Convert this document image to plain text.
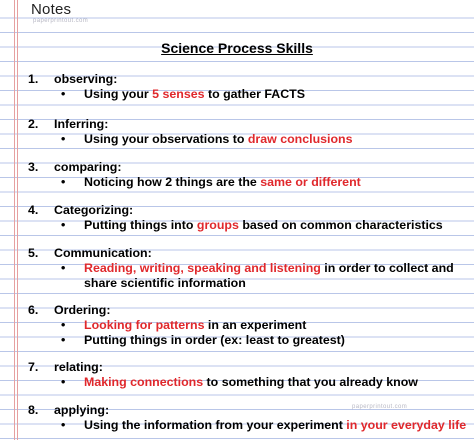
Notes
paperprintout.com
Science Process Skills
1. observing:
• Using your 5 senses to gather FACTS
2. Inferring:
• Using your observations to draw conclusions
3. comparing:
• Noticing how 2 things are the same or different
4. Categorizing:
• Putting things into groups based on common characteristics
5. Communication:
• Reading, writing, speaking and listening in order to collect and share scientific information
6. Ordering:
• Looking for patterns in an experiment
• Putting things in order (ex: least to greatest)
7. relating:
• Making connections to something that you already know
paperprintout.com
8. applying:
• Using the information from your experiment in your everyday life
